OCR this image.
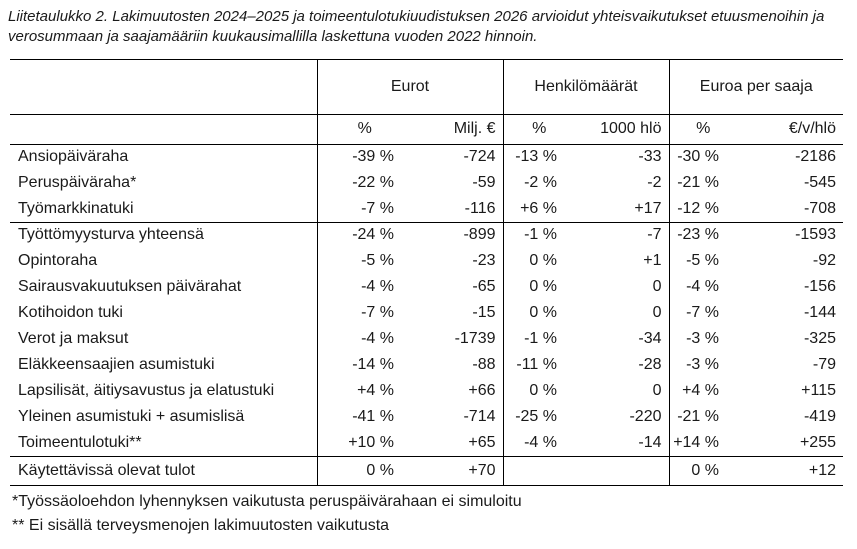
Liitetaulukko 2. Lakimuutosten 2024–2025 ja toimeentulotukiuudistuksen 2026 arvioidut yhteisvaikutukset etuusmenoihin ja verosummaan ja saajamääriin kuukausimallilla laskettuna vuoden 2022 hinnoin.

	Eurot		Henkilömäärät		Euroa per saaja	
	%	Milj. €	%	1000 hlö	%	€/v/hlö
Ansiopäiväraha	-39 %	-724	-13 %	-33	-30 %	-2186
Peruspäiväraha*	-22 %	-59	-2 %	-2	-21 %	-545
Työmarkkinatuki	-7 %	-116	+6 %	+17	-12 %	-708
Työttömyysturva yhteensä	-24 %	-899	-1 %	-7	-23 %	-1593
Opintoraha	-5 %	-23	0 %	+1	-5 %	-92
Sairausvakuutuksen päivärahat	-4 %	-65	0 %	0	-4 %	-156
Kotihoidon tuki	-7 %	-15	0 %	0	-7 %	-144
Verot ja maksut	-4 %	-1739	-1 %	-34	-3 %	-325
Eläkkeensaajien asumistuki	-14 %	-88	-11 %	-28	-3 %	-79
Lapsilisät, äitiysavustus ja elatustuki	+4 %	+66	0 %	0	+4 %	+115
Yleinen asumistuki + asumislisä	-41 %	-714	-25 %	-220	-21 %	-419
Toimeentulotuki**	+10 %	+65	-4 %	-14	+14 %	+255
Käytettävissä olevat tulot	0 %	+70			0 %	+12

*Työssäoloehdon lyhennyksen vaikutusta peruspäivärahaan ei simuloitu

** Ei sisällä terveysmenojen lakimuutosten vaikutusta
